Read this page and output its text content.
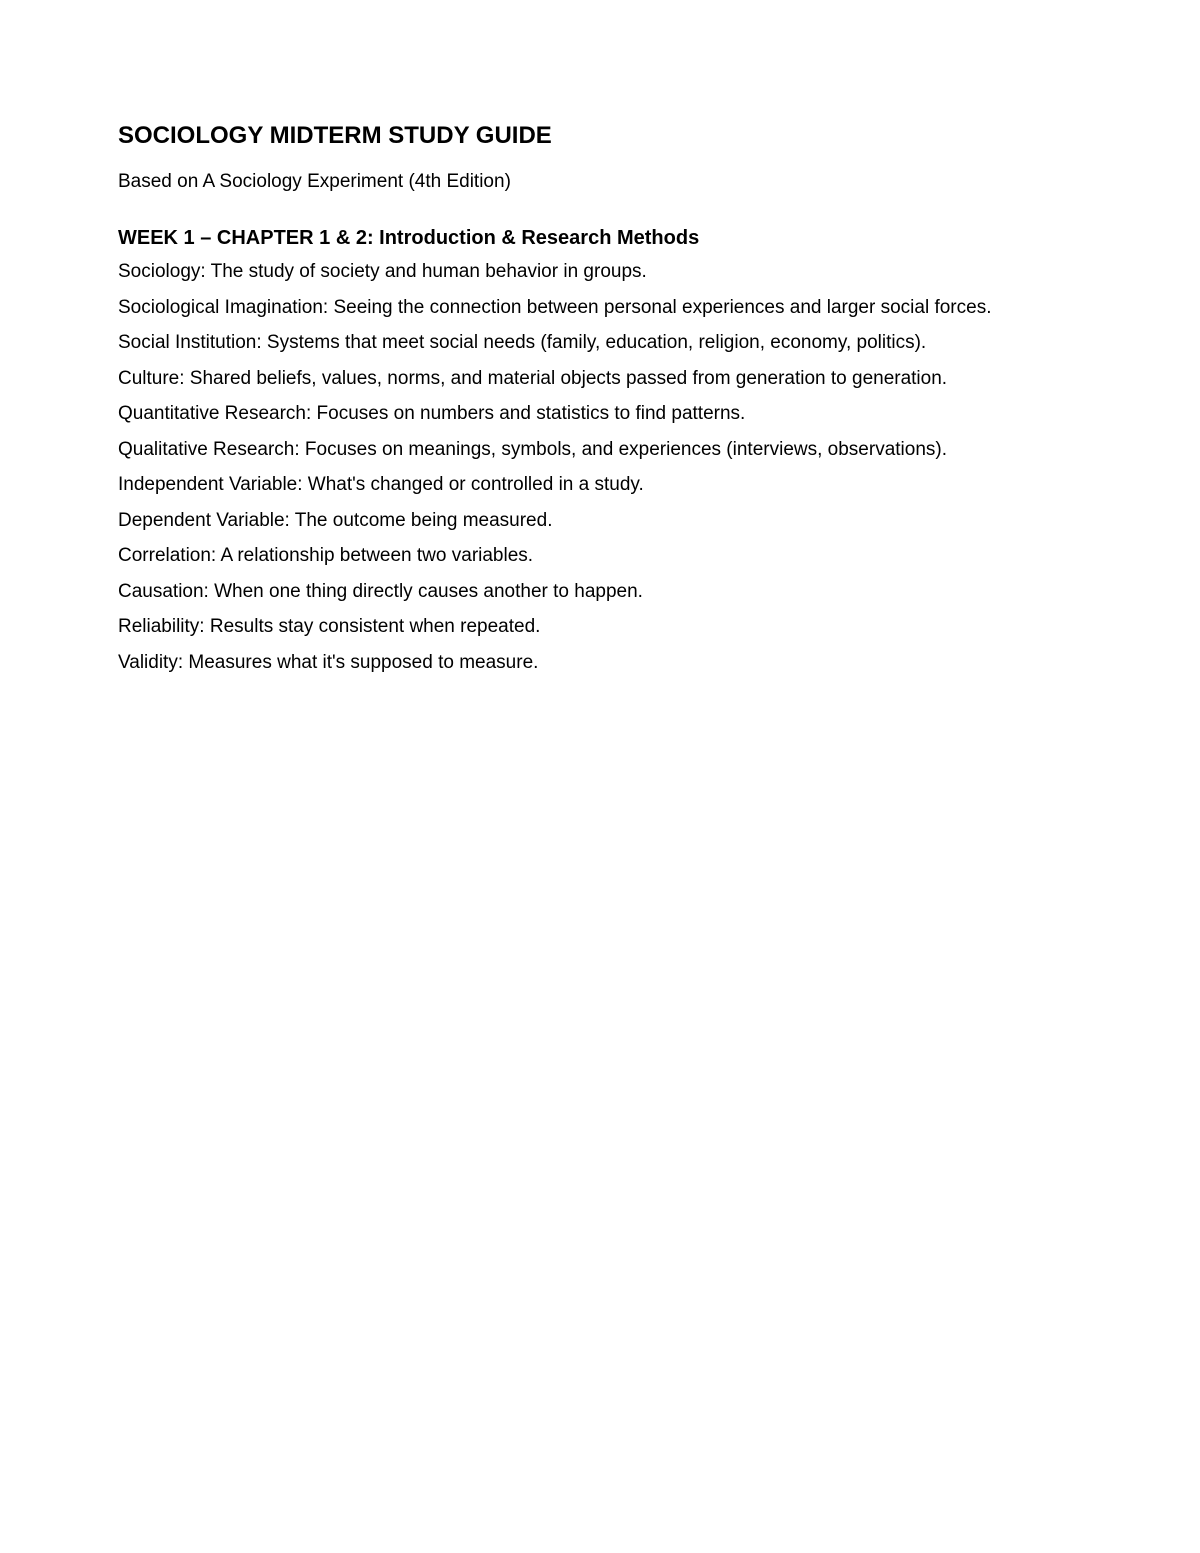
SOCIOLOGY MIDTERM STUDY GUIDE

Based on A Sociology Experiment (4th Edition)

WEEK 1 – CHAPTER 1 & 2: Introduction & Research Methods
Sociology: The study of society and human behavior in groups.
Sociological Imagination: Seeing the connection between personal experiences and larger social forces.
Social Institution: Systems that meet social needs (family, education, religion, economy, politics).
Culture: Shared beliefs, values, norms, and material objects passed from generation to generation.
Quantitative Research: Focuses on numbers and statistics to find patterns.
Qualitative Research: Focuses on meanings, symbols, and experiences (interviews, observations).
Independent Variable: What's changed or controlled in a study.
Dependent Variable: The outcome being measured.
Correlation: A relationship between two variables.
Causation: When one thing directly causes another to happen.
Reliability: Results stay consistent when repeated.
Validity: Measures what it's supposed to measure.
